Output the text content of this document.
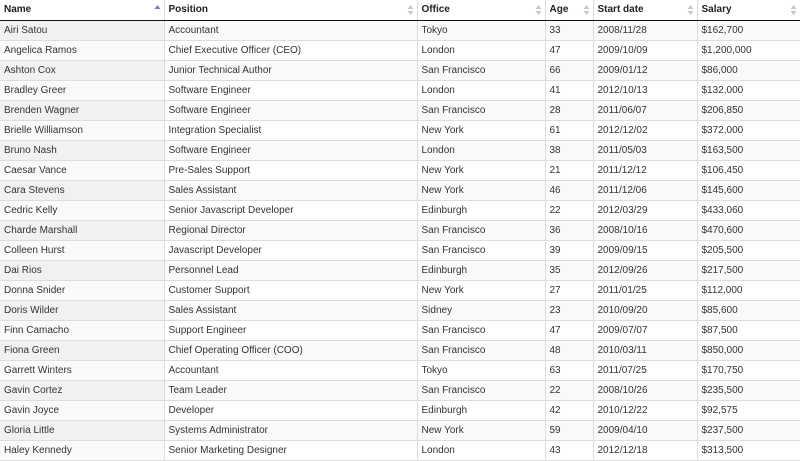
Name	Position	Office	Age	Start date	Salary

Airi Satou	Accountant	Tokyo	33	2008/11/28	$162,700
Angelica Ramos	Chief Executive Officer (CEO)	London	47	2009/10/09	$1,200,000
Ashton Cox	Junior Technical Author	San Francisco	66	2009/01/12	$86,000
Bradley Greer	Software Engineer	London	41	2012/10/13	$132,000
Brenden Wagner	Software Engineer	San Francisco	28	2011/06/07	$206,850
Brielle Williamson	Integration Specialist	New York	61	2012/12/02	$372,000
Bruno Nash	Software Engineer	London	38	2011/05/03	$163,500
Caesar Vance	Pre-Sales Support	New York	21	2011/12/12	$106,450
Cara Stevens	Sales Assistant	New York	46	2011/12/06	$145,600
Cedric Kelly	Senior Javascript Developer	Edinburgh	22	2012/03/29	$433,060
Charde Marshall	Regional Director	San Francisco	36	2008/10/16	$470,600
Colleen Hurst	Javascript Developer	San Francisco	39	2009/09/15	$205,500
Dai Rios	Personnel Lead	Edinburgh	35	2012/09/26	$217,500
Donna Snider	Customer Support	New York	27	2011/01/25	$112,000
Doris Wilder	Sales Assistant	Sidney	23	2010/09/20	$85,600
Finn Camacho	Support Engineer	San Francisco	47	2009/07/07	$87,500
Fiona Green	Chief Operating Officer (COO)	San Francisco	48	2010/03/11	$850,000
Garrett Winters	Accountant	Tokyo	63	2011/07/25	$170,750
Gavin Cortez	Team Leader	San Francisco	22	2008/10/26	$235,500
Gavin Joyce	Developer	Edinburgh	42	2010/12/22	$92,575
Gloria Little	Systems Administrator	New York	59	2009/04/10	$237,500
Haley Kennedy	Senior Marketing Designer	London	43	2012/12/18	$313,500
